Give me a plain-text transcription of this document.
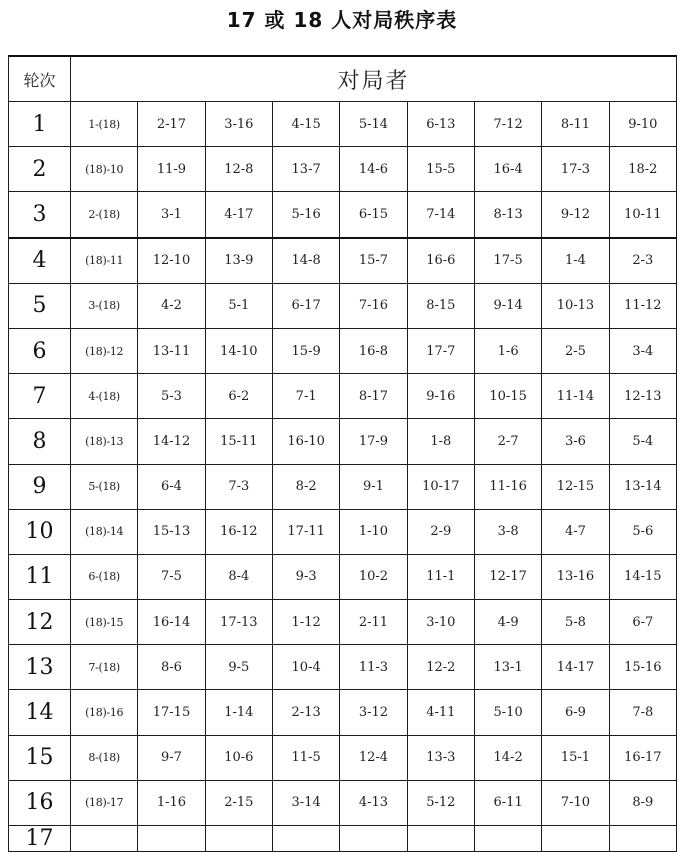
17 或 18 人对局秩序表
轮次	对局者								
1	1-(18)	2-17	3-16	4-15	5-14	6-13	7-12	8-11	9-10
2	(18)-10	11-9	12-8	13-7	14-6	15-5	16-4	17-3	18-2
3	2-(18)	3-1	4-17	5-16	6-15	7-14	8-13	9-12	10-11
4	(18)-11	12-10	13-9	14-8	15-7	16-6	17-5	1-4	2-3
5	3-(18)	4-2	5-1	6-17	7-16	8-15	9-14	10-13	11-12
6	(18)-12	13-11	14-10	15-9	16-8	17-7	1-6	2-5	3-4
7	4-(18)	5-3	6-2	7-1	8-17	9-16	10-15	11-14	12-13
8	(18)-13	14-12	15-11	16-10	17-9	1-8	2-7	3-6	5-4
9	5-(18)	6-4	7-3	8-2	9-1	10-17	11-16	12-15	13-14
10	(18)-14	15-13	16-12	17-11	1-10	2-9	3-8	4-7	5-6
11	6-(18)	7-5	8-4	9-3	10-2	11-1	12-17	13-16	14-15
12	(18)-15	16-14	17-13	1-12	2-11	3-10	4-9	5-8	6-7
13	7-(18)	8-6	9-5	10-4	11-3	12-2	13-1	14-17	15-16
14	(18)-16	17-15	1-14	2-13	3-12	4-11	5-10	6-9	7-8
15	8-(18)	9-7	10-6	11-5	12-4	13-3	14-2	15-1	16-17
16	(18)-17	1-16	2-15	3-14	4-13	5-12	6-11	7-10	8-9
17									
